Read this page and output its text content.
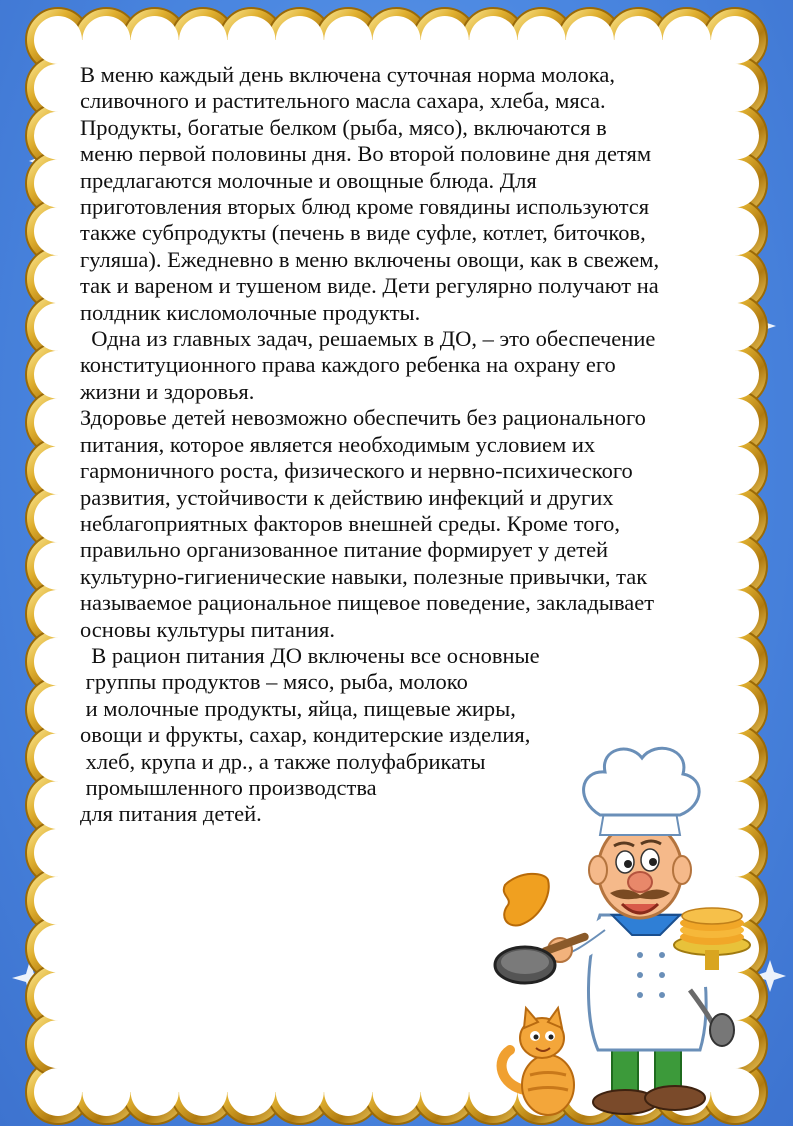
В меню каждый день включена суточная норма молока,
сливочного и растительного масла сахара, хлеба, мяса.
Продукты, богатые белком (рыба, мясо), включаются в
меню первой половины дня. Во второй половине дня детям
предлагаются молочные и овощные блюда. Для
приготовления вторых блюд кроме говядины используются
также субпродукты (печень в виде суфле, котлет, биточков,
гуляша). Ежедневно в меню включены овощи, как в свежем,
так и вареном и тушеном виде. Дети регулярно получают на
полдник кисломолочные продукты.
Одна из главных задач, решаемых в ДО, – это обеспечение
конституционного права каждого ребенка на охрану его
жизни и здоровья.
Здоровье детей невозможно обеспечить без рационального
питания, которое является необходимым условием их
гармоничного роста, физического и нервно-психического
развития, устойчивости к действию инфекций и других
неблагоприятных факторов внешней среды. Кроме того,
правильно организованное питание формирует у детей
культурно-гигиенические навыки, полезные привычки, так
называемое рациональное пищевое поведение, закладывает
основы культуры питания.
В рацион питания ДО включены все основные
группы продуктов – мясо, рыба, молоко
и молочные продукты, яйца, пищевые жиры,
овощи и фрукты, сахар, кондитерские изделия,
хлеб, крупа и др., а также полуфабрикаты
промышленного производства
для питания детей.
